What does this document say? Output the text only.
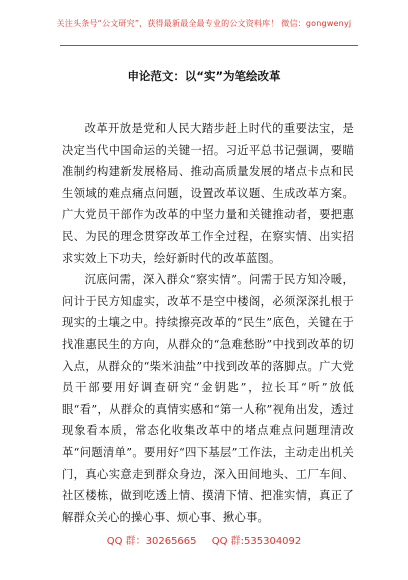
关注头条号“公文研究”，获得最新最全最专业的公文资料库！ 微信：gongwenyj
申论范文：以“实”为笔绘改革

改革开放是党和人民大踏步赶上时代的重要法宝，是决定当代中国命运的关键一招。习近平总书记强调，要瞄准制约构建新发展格局、推动高质量发展的堵点卡点和民生领域的难点痛点问题，设置改革议题、生成改革方案。广大党员干部作为改革的中坚力量和关键推动者，要把惠民、为民的理念贯穿改革工作全过程，在察实情、出实招求实效上下功夫，绘好新时代的改革蓝图。

沉底问需，深入群众“察实情”。问需于民方知冷暖，问计于民方知虚实，改革不是空中楼阁，必须深深扎根于现实的土壤之中。持续擦亮改革的“民生”底色，关键在于找准惠民生的方向，从群众的“急难愁盼”中找到改革的切入点，从群众的“柴米油盐”中找到改革的落脚点。广大党员干部要用好调查研究“金钥匙”，拉长耳“听”放低眼“看”，从群众的真情实感和“第一人称”视角出发，透过现象看本质，常态化收集改革中的堵点难点问题理清改革“问题清单”。要用好“四下基层”工作法，主动走出机关门，真心实意走到群众身边，深入田间地头、工厂车间、社区楼栋，做到吃透上情、摸清下情、把准实情，真正了解群众关心的操心事、烦心事、揪心事。

QQ 群：30265665 QQ 群:535304092
